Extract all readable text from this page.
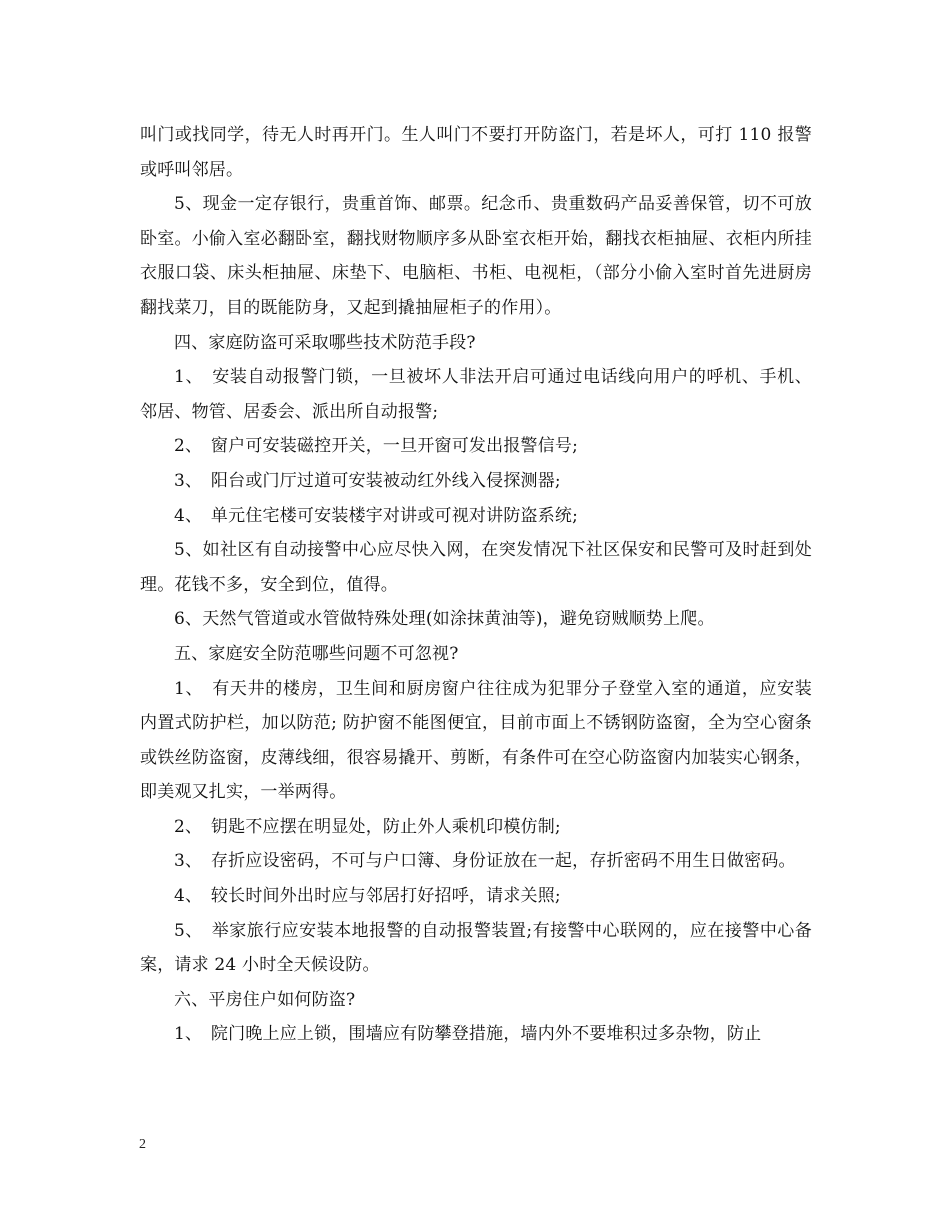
叫门或找同学，待无人时再开门。生人叫门不要打开防盗门，若是坏人，可打 110 报警或呼叫邻居。

5、现金一定存银行，贵重首饰、邮票。纪念币、贵重数码产品妥善保管，切不可放卧室。小偷入室必翻卧室，翻找财物顺序多从卧室衣柜开始，翻找衣柜抽屉、衣柜内所挂衣服口袋、床头柜抽屉、床垫下、电脑柜、书柜、电视柜，（部分小偷入室时首先进厨房翻找菜刀，目的既能防身，又起到撬抽屉柜子的作用）。

四、家庭防盗可采取哪些技术防范手段?

1、　安装自动报警门锁，一旦被坏人非法开启可通过电话线向用户的呼机、手机、邻居、物管、居委会、派出所自动报警;

2、　窗户可安装磁控开关，一旦开窗可发出报警信号;

3、　阳台或门厅过道可安装被动红外线入侵探测器;

4、　单元住宅楼可安装楼宇对讲或可视对讲防盗系统;

5、如社区有自动接警中心应尽快入网，在突发情况下社区保安和民警可及时赶到处理。花钱不多，安全到位，值得。

6、天然气管道或水管做特殊处理(如涂抹黄油等)，避免窃贼顺势上爬。

五、家庭安全防范哪些问题不可忽视?

1、　有天井的楼房，卫生间和厨房窗户往往成为犯罪分子登堂入室的通道，应安装内置式防护栏，加以防范; 防护窗不能图便宜，目前市面上不锈钢防盗窗，全为空心窗条或铁丝防盗窗，皮薄线细，很容易撬开、剪断，有条件可在空心防盗窗内加装实心钢条，即美观又扎实，一举两得。

2、　钥匙不应摆在明显处，防止外人乘机印模仿制;

3、　存折应设密码，不可与户口簿、身份证放在一起，存折密码不用生日做密码。

4、　较长时间外出时应与邻居打好招呼，请求关照;

5、　举家旅行应安装本地报警的自动报警装置;有接警中心联网的，应在接警中心备案，请求 24 小时全天候设防。

六、平房住户如何防盗?

1、　院门晚上应上锁，围墙应有防攀登措施，墙内外不要堆积过多杂物，防止

2
